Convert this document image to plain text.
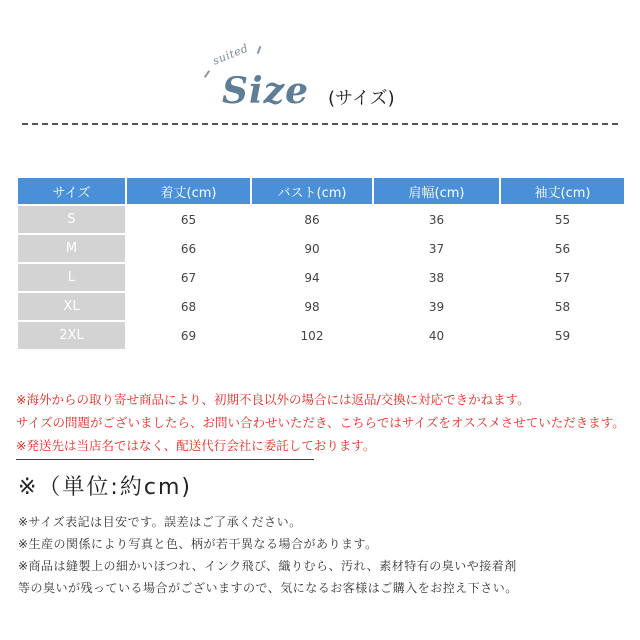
suited
Size (サイズ)
サイズ	着丈(cm)	バスト(cm)	肩幅(cm)	袖丈(cm)
S	65	86	36	55
M	66	90	37	56
L	67	94	38	57
XL	68	98	39	58
2XL	69	102	40	59
※海外からの取り寄せ商品により、初期不良以外の場合には返品/交換に対応できかねます。
サイズの問題がございましたら、お問い合わせいただき、こちらではサイズをオススメさせていただきます。
※発送先は当店名ではなく、配送代行会社に委託しております。
※（単位:約cm)
※サイズ表記は目安です。誤差はご了承ください。
※生産の関係により写真と色、柄が若干異なる場合があります。
※商品は縫製上の細かいほつれ、インク飛び、織りむら、汚れ、素材特有の臭いや接着剤
等の臭いが残っている場合がございますので、気になるお客様はご購入をお控え下さい。
